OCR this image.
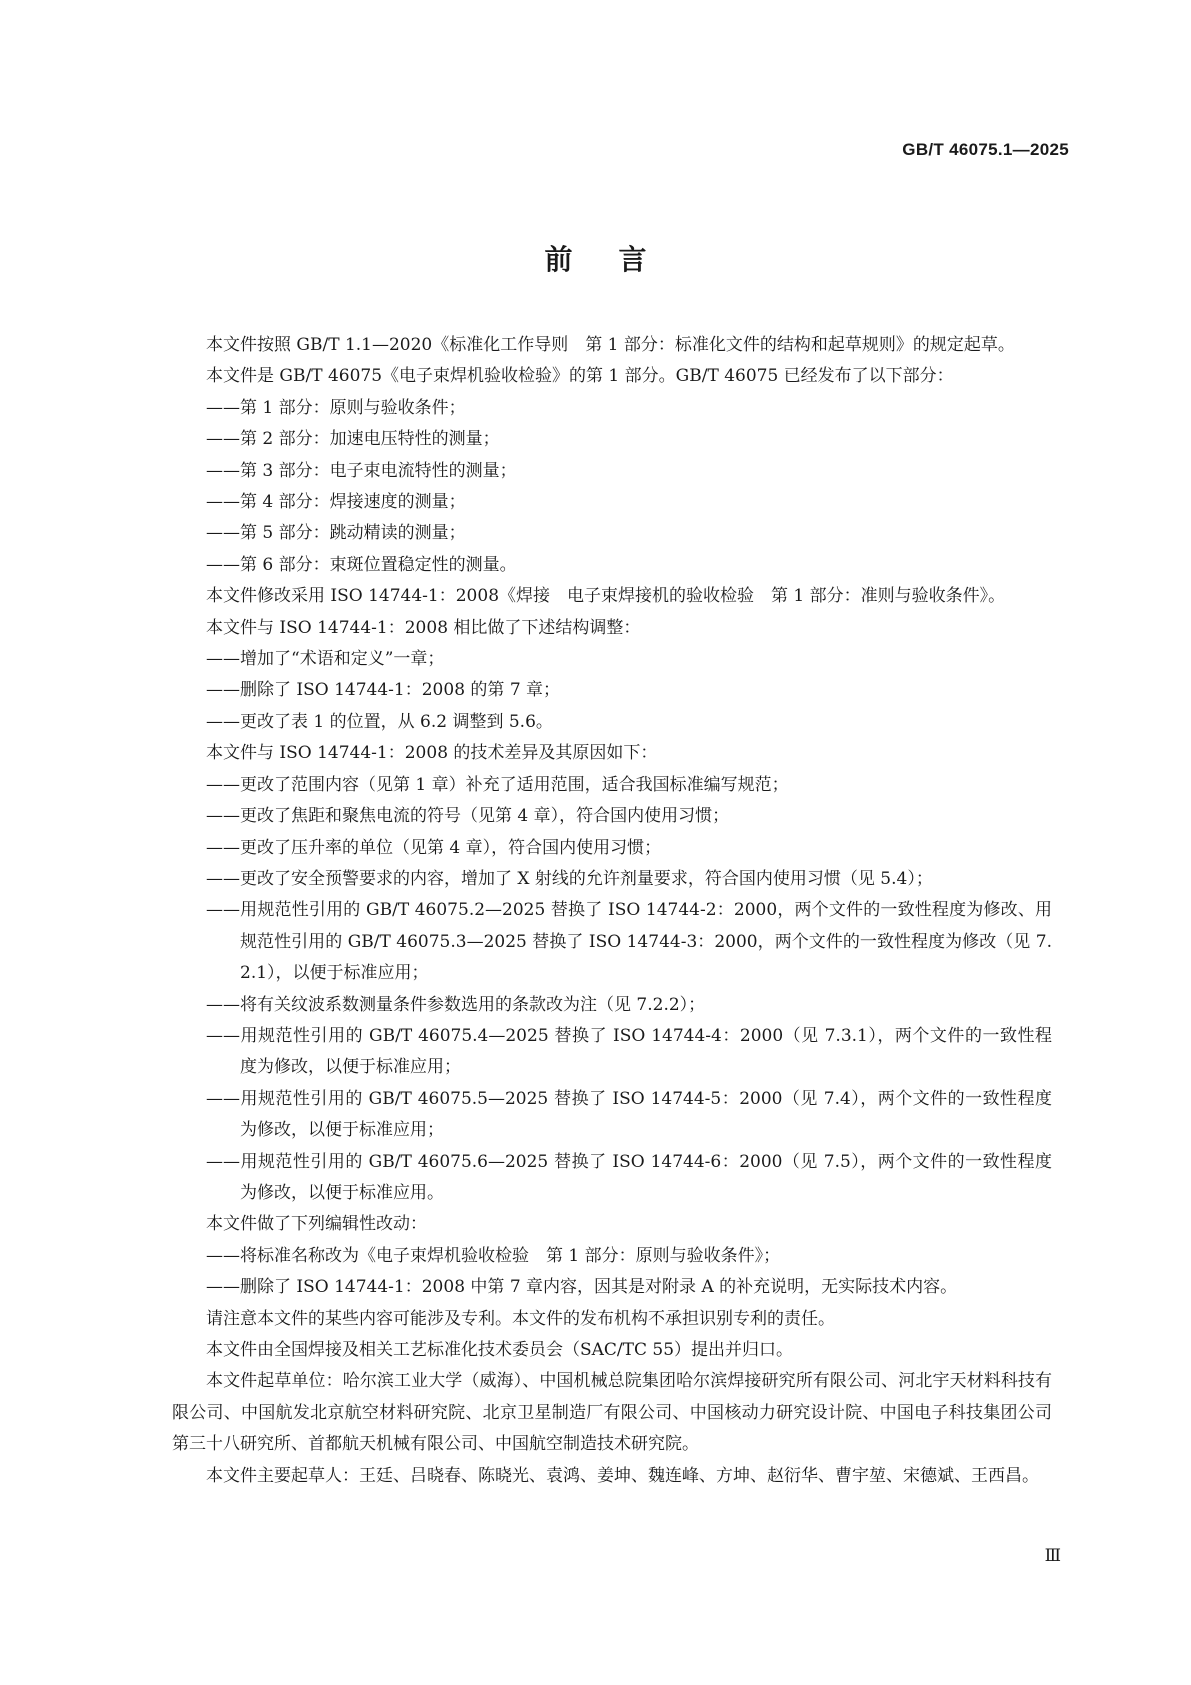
GB/T 46075.1—2025
前言

本文件按照 GB/T 1.1—2020《标准化工作导则　第 1 部分：标准化文件的结构和起草规则》的规定起草。

本文件是 GB/T 46075《电子束焊机验收检验》的第 1 部分。GB/T 46075 已经发布了以下部分：

——第 1 部分：原则与验收条件；

——第 2 部分：加速电压特性的测量；

——第 3 部分：电子束电流特性的测量；

——第 4 部分：焊接速度的测量；

——第 5 部分：跳动精读的测量；

——第 6 部分：束斑位置稳定性的测量。

本文件修改采用 ISO 14744-1：2008《焊接　电子束焊接机的验收检验　第 1 部分：准则与验收条件》。

本文件与 ISO 14744-1：2008 相比做了下述结构调整：

——增加了“术语和定义”一章；

——删除了 ISO 14744-1：2008 的第 7 章；

——更改了表 1 的位置，从 6.2 调整到 5.6。

本文件与 ISO 14744-1：2008 的技术差异及其原因如下：

——更改了范围内容（见第 1 章）补充了适用范围，适合我国标准编写规范；

——更改了焦距和聚焦电流的符号（见第 4 章），符合国内使用习惯；

——更改了压升率的单位（见第 4 章），符合国内使用习惯；

——更改了安全预警要求的内容，增加了 X 射线的允许剂量要求，符合国内使用习惯（见 5.4）；

——用规范性引用的 GB/T 46075.2—2025 替换了 ISO 14744-2：2000，两个文件的一致性程度为修改、用规范性引用的 GB/T 46075.3—2025 替换了 ISO 14744-3：2000，两个文件的一致性程度为修改（见 7.2.1），以便于标准应用；

——将有关纹波系数测量条件参数选用的条款改为注（见 7.2.2）；

——用规范性引用的 GB/T 46075.4—2025 替换了 ISO 14744-4：2000（见 7.3.1），两个文件的一致性程度为修改，以便于标准应用；

——用规范性引用的 GB/T 46075.5—2025 替换了 ISO 14744-5：2000（见 7.4），两个文件的一致性程度为修改，以便于标准应用；

——用规范性引用的 GB/T 46075.6—2025 替换了 ISO 14744-6：2000（见 7.5），两个文件的一致性程度为修改，以便于标准应用。

本文件做了下列编辑性改动：

——将标准名称改为《电子束焊机验收检验　第 1 部分：原则与验收条件》；

——删除了 ISO 14744-1：2008 中第 7 章内容，因其是对附录 A 的补充说明，无实际技术内容。

请注意本文件的某些内容可能涉及专利。本文件的发布机构不承担识别专利的责任。

本文件由全国焊接及相关工艺标准化技术委员会（SAC/TC 55）提出并归口。

本文件起草单位：哈尔滨工业大学（威海）、中国机械总院集团哈尔滨焊接研究所有限公司、河北宇天材料科技有限公司、中国航发北京航空材料研究院、北京卫星制造厂有限公司、中国核动力研究设计院、中国电子科技集团公司第三十八研究所、首都航天机械有限公司、中国航空制造技术研究院。

本文件主要起草人：王廷、吕晓春、陈晓光、袁鸿、姜坤、魏连峰、方坤、赵衍华、曹宇堃、宋德斌、王西昌。

Ⅲ
